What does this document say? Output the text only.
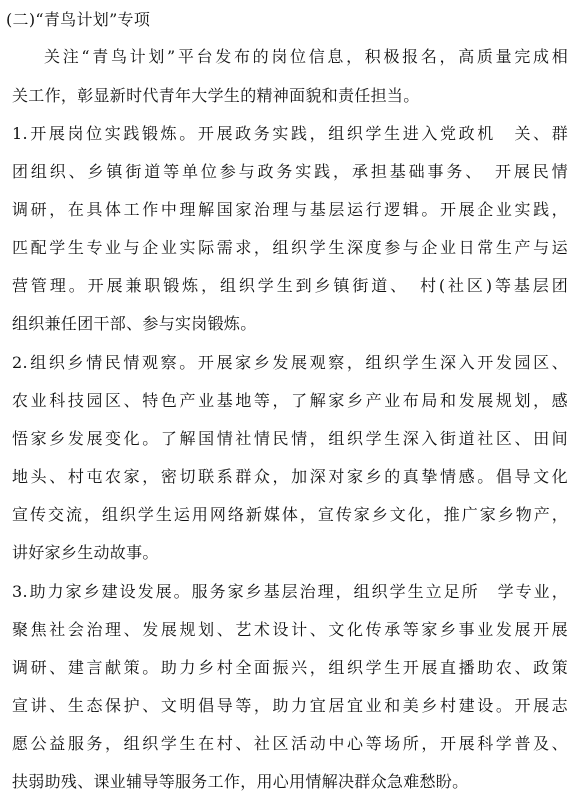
(二)“青鸟计划”专项
关注“青鸟计划”平台发布的岗位信息，积极报名，高质量完成相
关工作，彰显新时代青年大学生的精神面貌和责任担当。
1.开展岗位实践锻炼。开展政务实践，组织学生进入党政机　关、群
团组织、乡镇街道等单位参与政务实践，承担基础事务、　开展民情
调研，在具体工作中理解国家治理与基层运行逻辑。开展企业实践，
匹配学生专业与企业实际需求，组织学生深度参与企业日常生产与运
营管理。开展兼职锻炼，组织学生到乡镇街道、　村(社区)等基层团
组织兼任团干部、参与实岗锻炼。
2.组织乡情民情观察。开展家乡发展观察，组织学生深入开发园区、
农业科技园区、特色产业基地等，了解家乡产业布局和发展规划，感
悟家乡发展变化。了解国情社情民情，组织学生深入街道社区、田间
地头、村屯农家，密切联系群众，加深对家乡的真挚情感。倡导文化
宣传交流，组织学生运用网络新媒体，宣传家乡文化，推广家乡物产，
讲好家乡生动故事。
3.助力家乡建设发展。服务家乡基层治理，组织学生立足所　学专业，
聚焦社会治理、发展规划、艺术设计、文化传承等家乡事业发展开展
调研、建言献策。助力乡村全面振兴，组织学生开展直播助农、政策
宣讲、生态保护、文明倡导等，助力宜居宜业和美乡村建设。开展志
愿公益服务，组织学生在村、社区活动中心等场所，开展科学普及、
扶弱助残、课业辅导等服务工作，用心用情解决群众急难愁盼。
